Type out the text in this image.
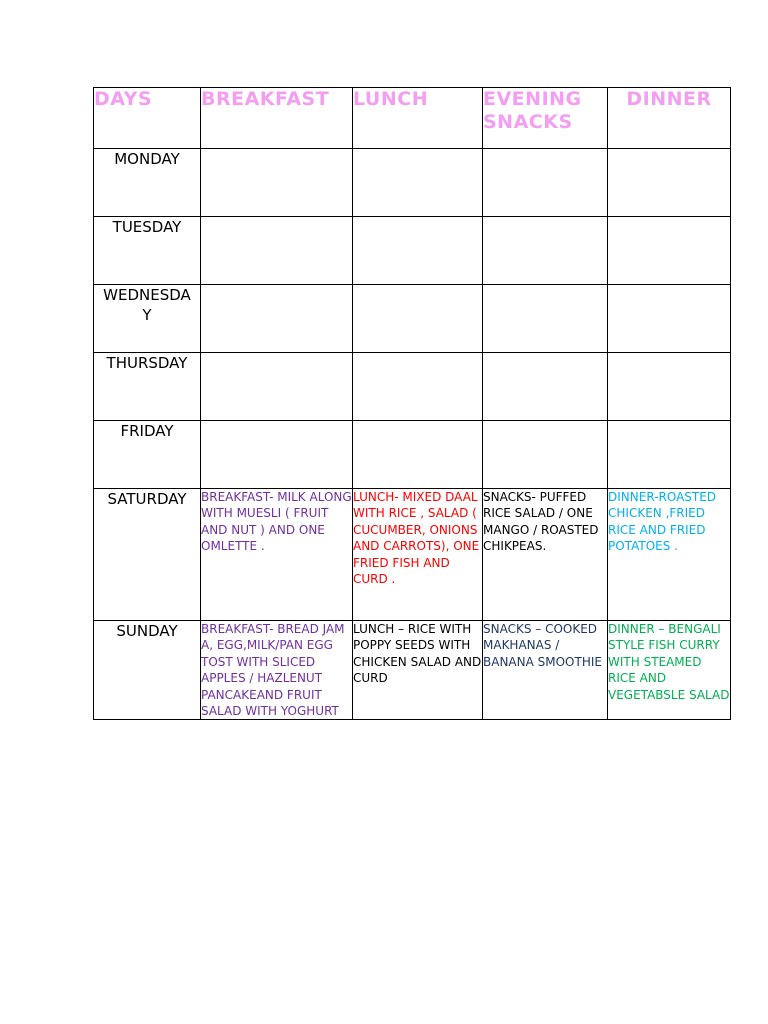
DAYS	BREAKFAST	LUNCH	EVENING SNACKS	DINNER
MONDAY				
TUESDAY				
WEDNESDAY				
THURSDAY				
FRIDAY				
SATURDAY	BREAKFAST- MILK ALONG WITH MUESLI ( FRUIT AND NUT ) AND ONE OMLETTE .	LUNCH- MIXED DAAL WITH RICE , SALAD ( CUCUMBER, ONIONS AND CARROTS), ONE FRIED FISH AND CURD .	SNACKS- PUFFED RICE SALAD / ONE MANGO / ROASTED CHIKPEAS.	DINNER-ROASTED CHICKEN ,FRIED RICE AND FRIED POTATOES .
SUNDAY	BREAKFAST- BREAD JAM A, EGG,MILK/PAN EGG TOST WITH SLICED APPLES / HAZLENUT PANCAKEAND FRUIT SALAD WITH YOGHURT	LUNCH – RICE WITH POPPY SEEDS WITH CHICKEN SALAD AND CURD	SNACKS – COOKED MAKHANAS / BANANA SMOOTHIE	DINNER – BENGALI STYLE FISH CURRY WITH STEAMED RICE AND VEGETABSLE SALAD
